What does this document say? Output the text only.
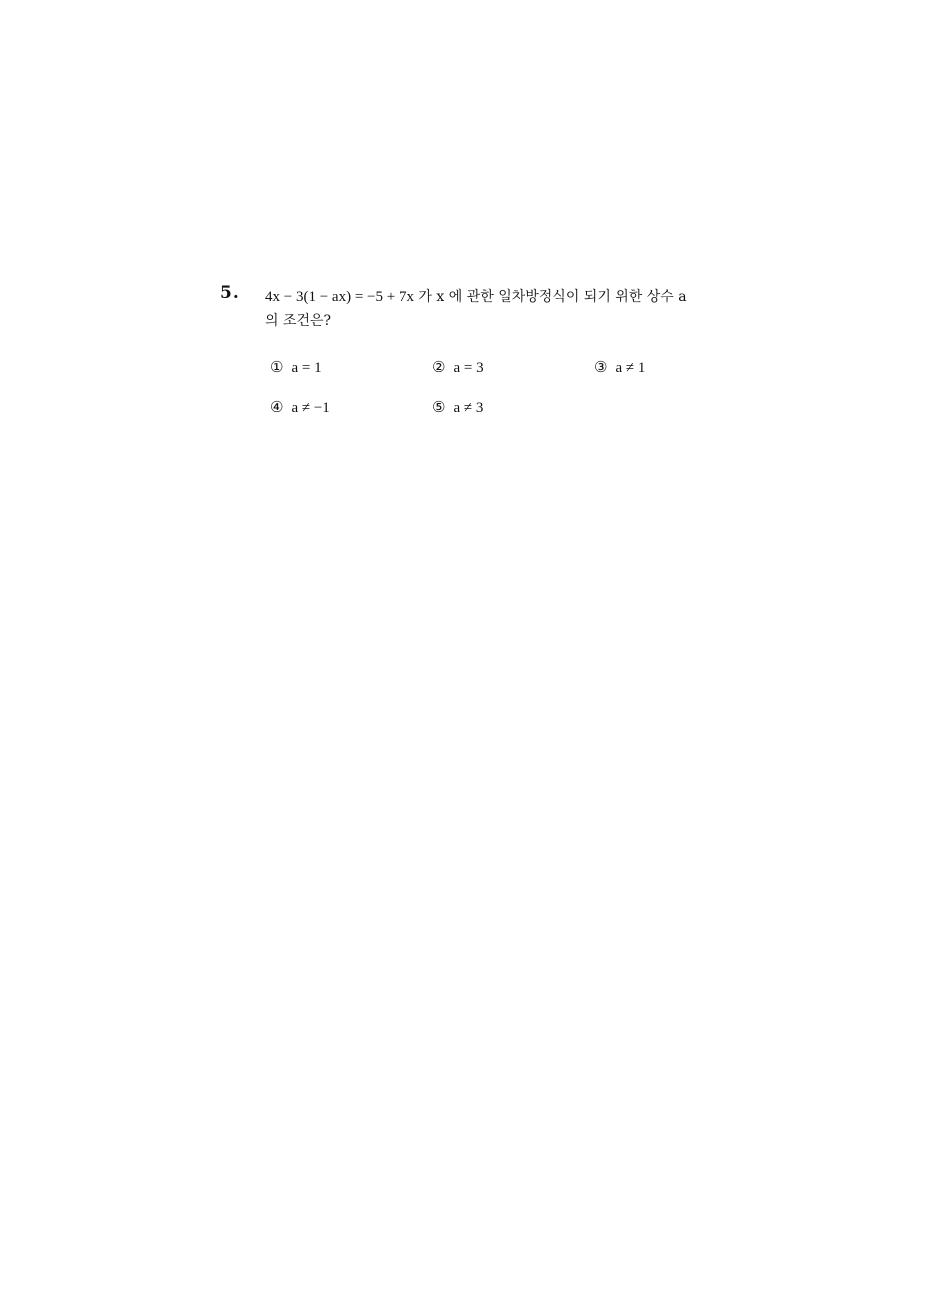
5. 4x − 3(1 − ax) = −5 + 7x 가 x 에 관한 일차방정식이 되기 위한 상수 a
의 조건은?
① a = 1	② a = 3	③ a ≠ 1
④ a ≠ −1	⑤ a ≠ 3
